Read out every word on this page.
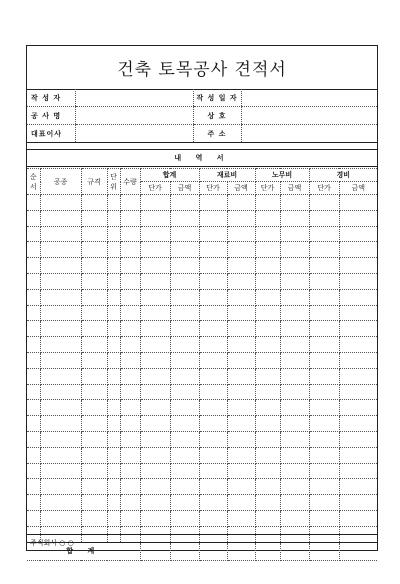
건축 토목공사 견적서
작 성 자		작 성 일 자	
공 사 명		상 호	
대표이사		주 소	
내 역 서
순서	공종	규격	단위	수량	합계		재료비		노무비		경비	
					단가	금액	단가	금액	단가	금액	단가	금액

합 계												
주식회사 ○ ○
